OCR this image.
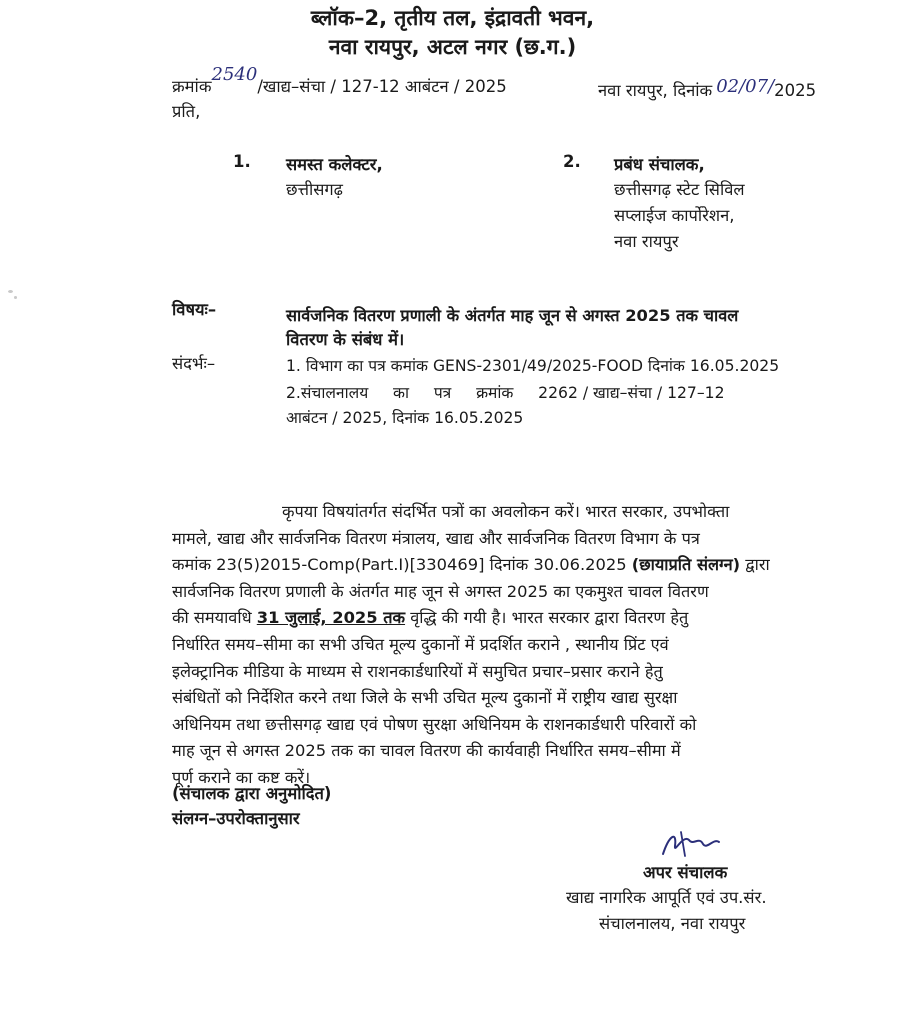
ब्लॉक–2, तृतीय तल, इंद्रावती भवन,
नवा रायपुर, अटल नगर (छ.ग.)
क्रमांक2540/खाद्य–संचा / 127-12 आबंटन / 2025	नवा रायपुर, दिनांक 02/07/2025
प्रति,
1. समस्त कलेक्टर,
छत्तीसगढ़
2. प्रबंध संचालक,
छत्तीसगढ़ स्टेट सिविल
सप्लाईज कार्पोरेशन,
नवा रायपुर
विषयः–	सार्वजनिक वितरण प्रणाली के अंतर्गत माह जून से अगस्त 2025 तक चावल
वितरण के संबंध में।
संदर्भः–	1. विभाग का पत्र कमांक GENS-2301/49/2025-FOOD दिनांक 16.05.2025
2.संचालनालय     का     पत्र     क्रमांक     2262 / खाद्य–संचा / 127–12
आबंटन / 2025, दिनांक 16.05.2025
कृपया विषयांतर्गत संदर्भित पत्रों का अवलोकन करें। भारत सरकार, उपभोक्ता
मामले, खाद्य और सार्वजनिक वितरण मंत्रालय, खाद्य और सार्वजनिक वितरण विभाग के पत्र
कमांक 23(5)2015-Comp(Part.I)[330469] दिनांक 30.06.2025 (छायाप्रति संलग्न) द्वारा
सार्वजनिक वितरण प्रणाली के अंतर्गत माह जून से अगस्त 2025 का एकमुश्त चावल वितरण
की समयावधि 31 जुलाई, 2025 तक वृद्धि की गयी है। भारत सरकार द्वारा वितरण हेतु
निर्धारित समय–सीमा का सभी उचित मूल्य दुकानों में प्रदर्शित कराने , स्थानीय प्रिंट एवं
इलेक्ट्रानिक मीडिया के माध्यम से राशनकार्डधारियों में समुचित प्रचार–प्रसार कराने हेतु
संबंधितों को निर्देशित करने तथा जिले के सभी उचित मूल्य दुकानों में राष्ट्रीय खाद्य सुरक्षा
अधिनियम तथा छत्तीसगढ़ खाद्य एवं पोषण सुरक्षा अधिनियम के राशनकार्डधारी परिवारों को
माह जून से अगस्त 2025 तक का चावल वितरण की कार्यवाही निर्धारित समय–सीमा में
पूर्ण कराने का कष्ट करें।
(संचालक द्वारा अनुमोदित)
संलग्न–उपरोक्तानुसार
अपर संचालक
खाद्य नागरिक आपूर्ति एवं उप.संर.
संचालनालय, नवा रायपुर
